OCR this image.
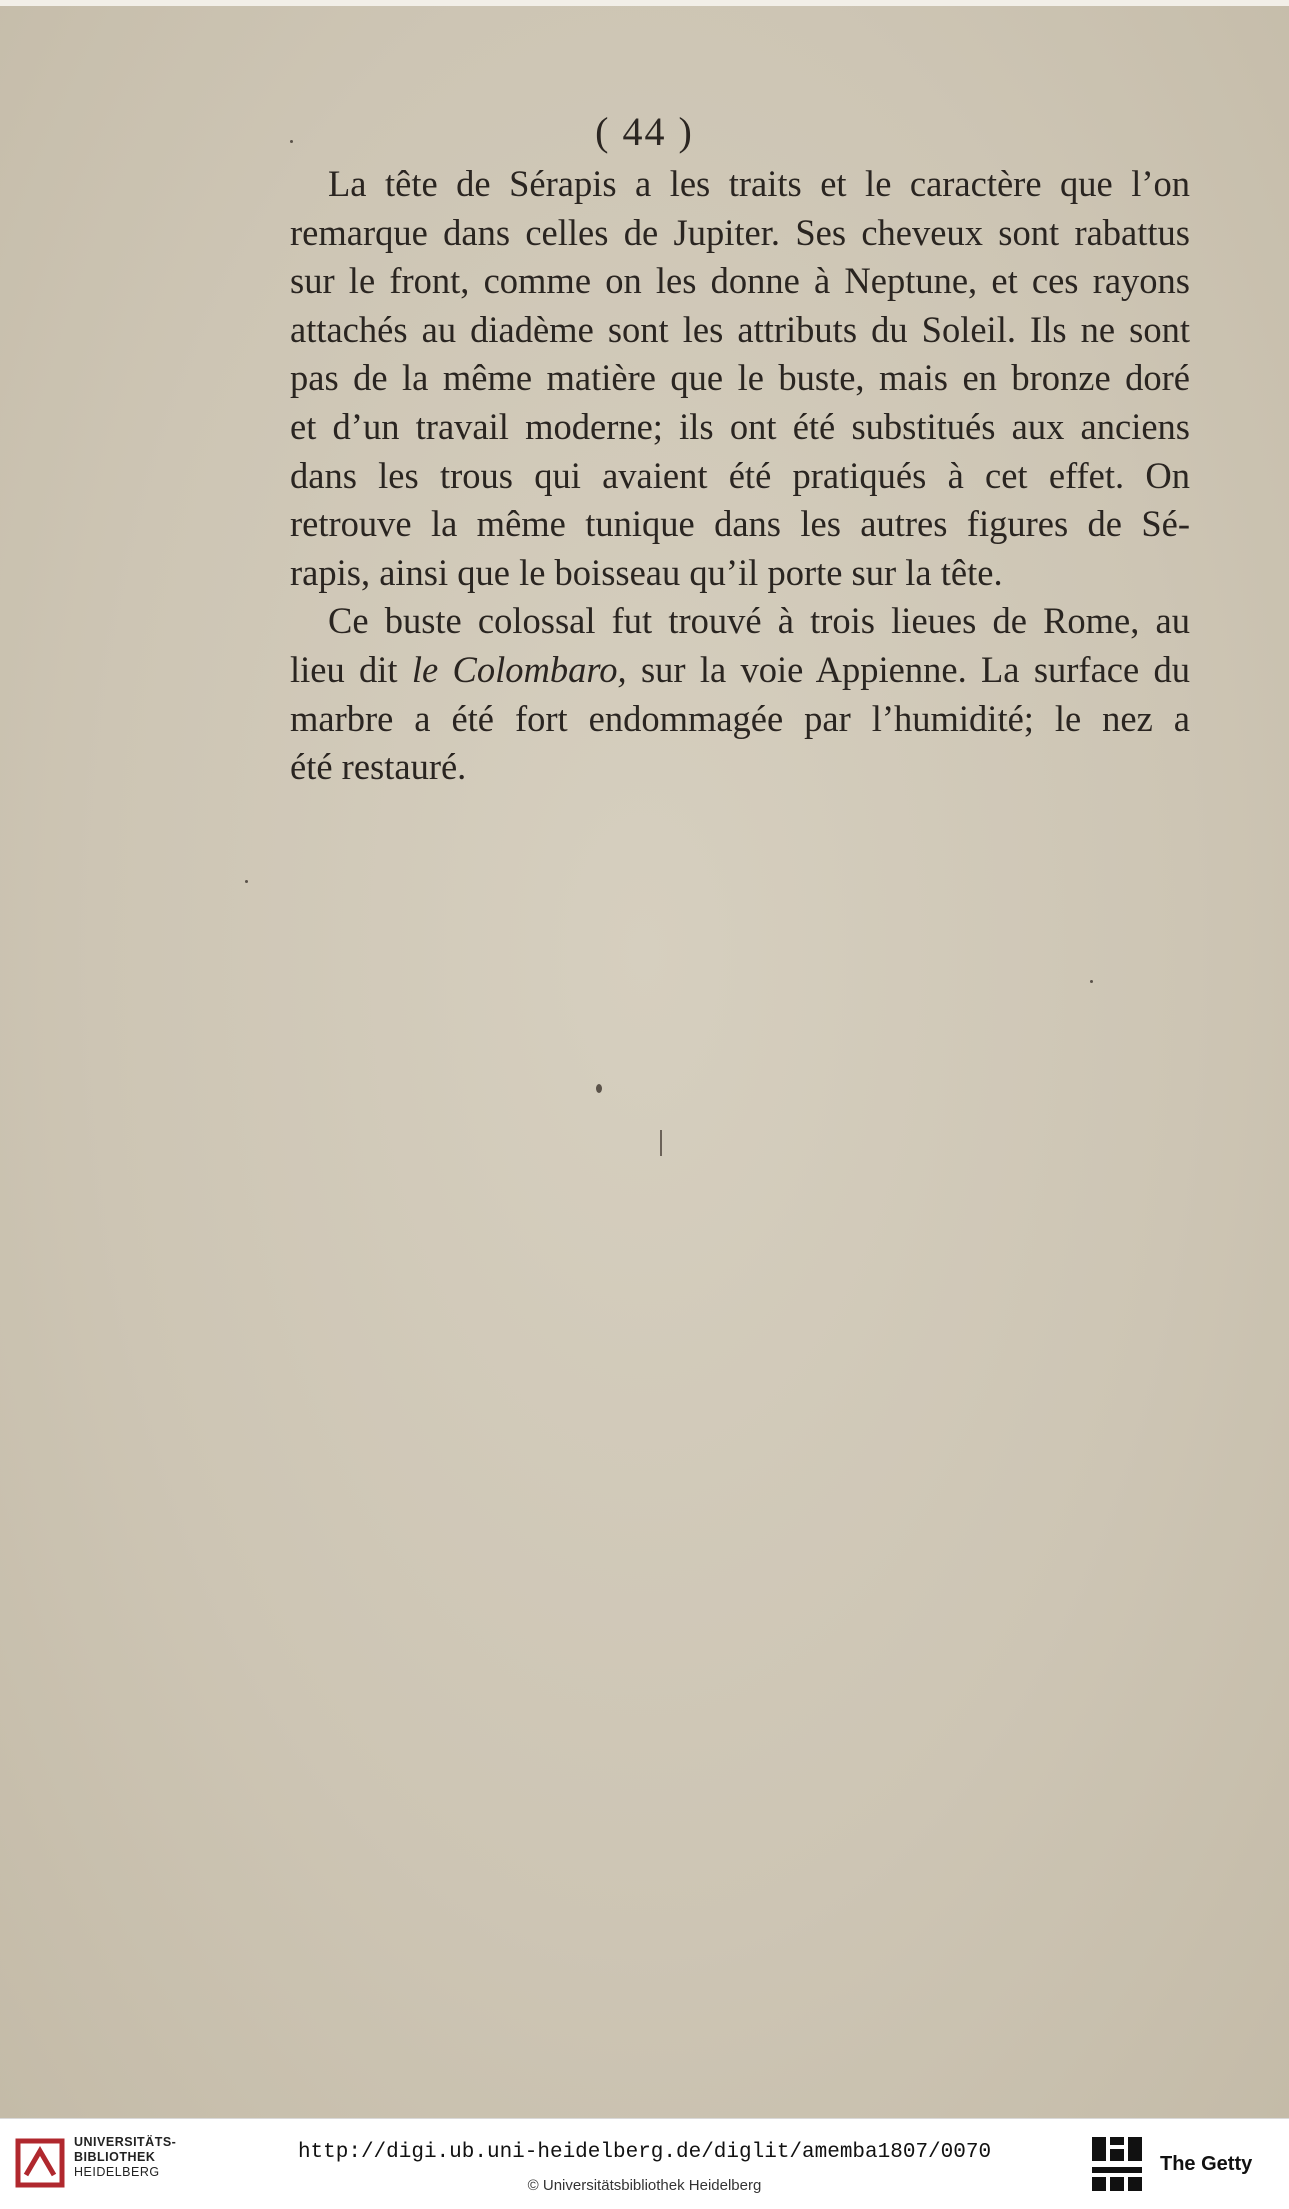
( 44 )

La tête de Sérapis a les traits et le caractère que l’on

remarque dans celles de Jupiter. Ses cheveux sont rabattus

sur le front, comme on les donne à Neptune, et ces rayons

attachés au diadème sont les attributs du Soleil. Ils ne sont

pas de la même matière que le buste, mais en bronze doré

et d’un travail moderne; ils ont été substitués aux anciens

dans les trous qui avaient été pratiqués à cet effet. On

retrouve la même tunique dans les autres figures de Sé-

rapis, ainsi que le boisseau qu’il porte sur la tête.

Ce buste colossal fut trouvé à trois lieues de Rome, au

lieu dit le Colombaro, sur la voie Appienne. La surface du

marbre a été fort endommagée par l’humidité; le nez a

été restauré.

UNIVERSITÄTS-
BIBLIOTHEK
HEIDELBERG
http://digi.ub.uni-heidelberg.de/diglit/amemba1807/0070
© Universitätsbibliothek Heidelberg
The Getty
